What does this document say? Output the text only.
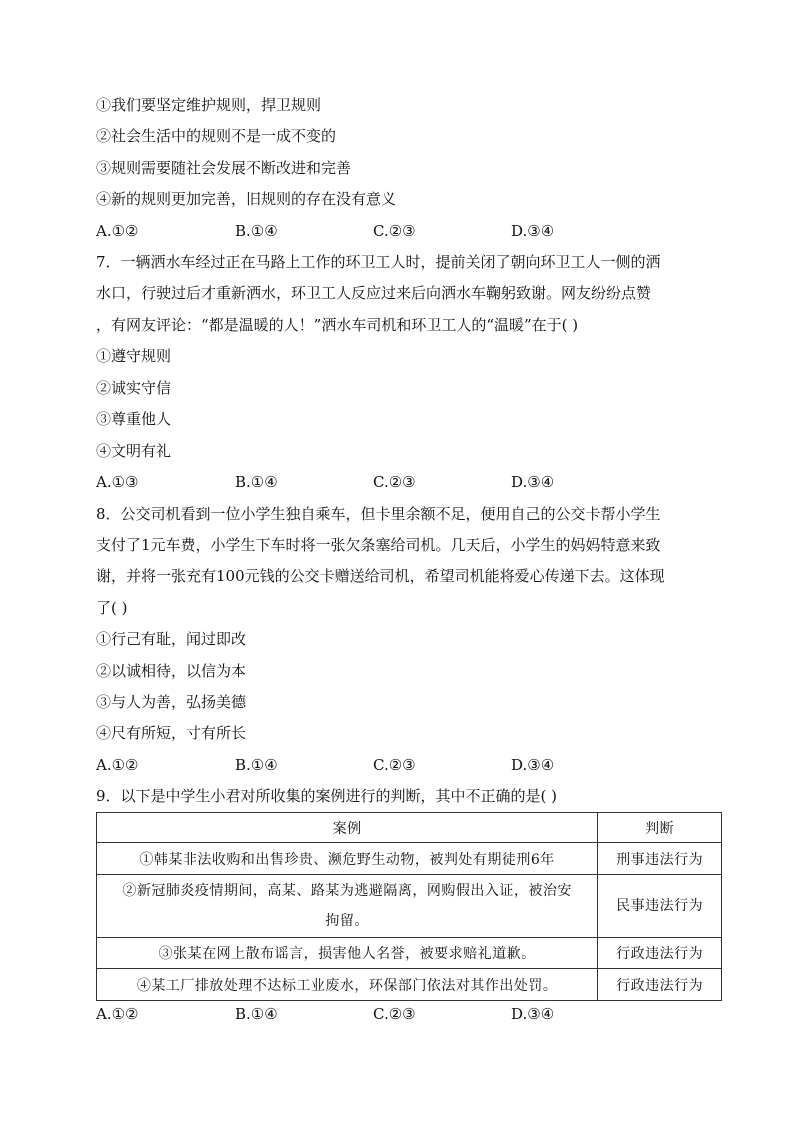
①我们要坚定维护规则，捍卫规则
②社会生活中的规则不是一成不变的
③规则需要随社会发展不断改进和完善
④新的规则更加完善，旧规则的存在没有意义
A.①②	B.①④	C.②③	D.③④
7．一辆洒水车经过正在马路上工作的环卫工人时，提前关闭了朝向环卫工人一侧的洒
水口，行驶过后才重新洒水，环卫工人反应过来后向洒水车鞠躬致谢。网友纷纷点赞
，有网友评论：“都是温暖的人！”洒水车司机和环卫工人的“温暖”在于( )
①遵守规则
②诚实守信
③尊重他人
④文明有礼
A.①③	B.①④	C.②③	D.③④
8．公交司机看到一位小学生独自乘车，但卡里余额不足，便用自己的公交卡帮小学生
支付了1元车费，小学生下车时将一张欠条塞给司机。几天后，小学生的妈妈特意来致
谢，并将一张充有100元钱的公交卡赠送给司机，希望司机能将爱心传递下去。这体现
了( )
①行己有耻，闻过即改
②以诚相待，以信为本
③与人为善，弘扬美德
④尺有所短，寸有所长
A.①②	B.①④	C.②③	D.③④
9．以下是中学生小君对所收集的案例进行的判断，其中不正确的是( )
案例	判断
①韩某非法收购和出售珍贵、濒危野生动物，被判处有期徒刑6年	刑事违法行为

②新冠肺炎疫情期间，高某、路某为逃避隔离，网购假出入证，被治安
拘留。	民事违法行为
③张某在网上散布谣言，损害他人名誉，被要求赔礼道歉。	行政违法行为
④某工厂排放处理不达标工业废水，环保部门依法对其作出处罚。	行政违法行为
A.①②	B.①④	C.②③	D.③④
